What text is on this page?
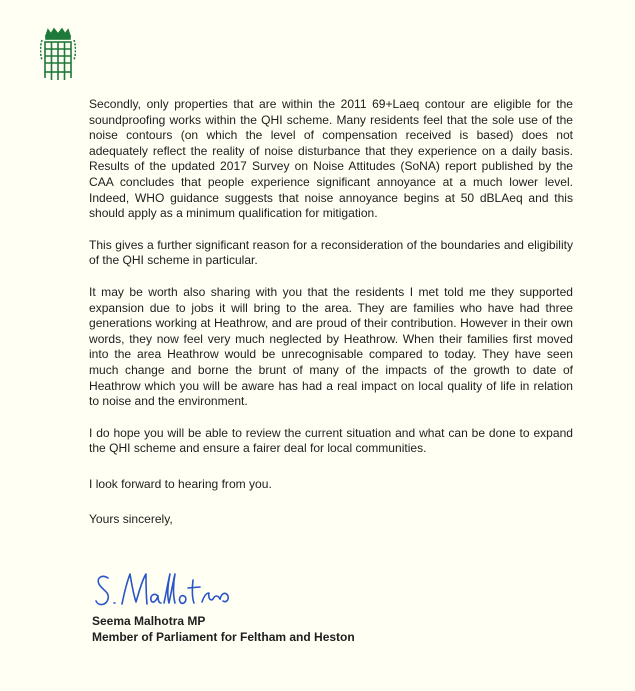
Secondly, only properties that are within the 2011 69+Laeq contour are eligible for the soundproofing works within the QHI scheme. Many residents feel that the sole use of the noise contours (on which the level of compensation received is based) does not adequately reflect the reality of noise disturbance that they experience on a daily basis. Results of the updated 2017 Survey on Noise Attitudes (SoNA) report published by the CAA concludes that people experience significant annoyance at a much lower level. Indeed, WHO guidance suggests that noise annoyance begins at 50 dBLAeq and this should apply as a minimum qualification for mitigation.

This gives a further significant reason for a reconsideration of the boundaries and eligibility of the QHI scheme in particular.

It may be worth also sharing with you that the residents I met told me they supported expansion due to jobs it will bring to the area. They are families who have had three generations working at Heathrow, and are proud of their contribution. However in their own words, they now feel very much neglected by Heathrow. When their families first moved into the area Heathrow would be unrecognisable compared to today. They have seen much change and borne the brunt of many of the impacts of the growth to date of Heathrow which you will be aware has had a real impact on local quality of life in relation to noise and the environment.

I do hope you will be able to review the current situation and what can be done to expand the QHI scheme and ensure a fairer deal for local communities.

I look forward to hearing from you.

Yours sincerely,

Seema Malhotra MP
Member of Parliament for Feltham and Heston
